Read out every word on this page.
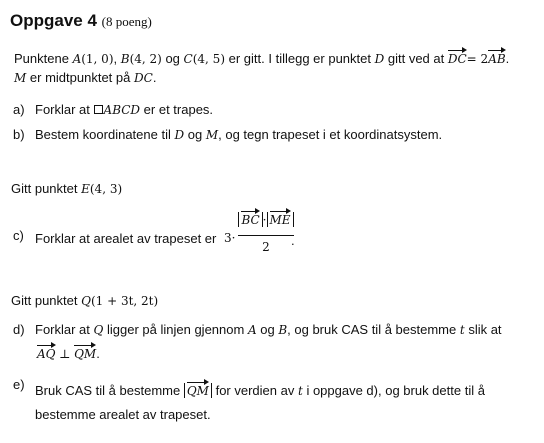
Oppgave 4 (8 poeng)
Punktene A(1, 0), B(4, 2) og C(4, 5) er gitt. I tillegg er punktet D gitt ved at DC= 2AB.
M er midtpunktet på DC.
a) Forklar at ABCD er et trapes.
b) Bestem koordinatene til D og M, og tegn trapeset i et koordinatsystem.
Gitt punktet E(4, 3)
c) Forklar at arealet av trapeset er 3·
BC · ME
2	.
Gitt punktet Q(1 + 3t, 2t)
d) Forklar at Q ligger på linjen gjennom A og B, og bruk CAS til å bestemme t slik at
AQ ⊥ QM.
e) Bruk CAS til å bestemme QM for verdien av t i oppgave d), og bruk dette til å
bestemme arealet av trapeset.
